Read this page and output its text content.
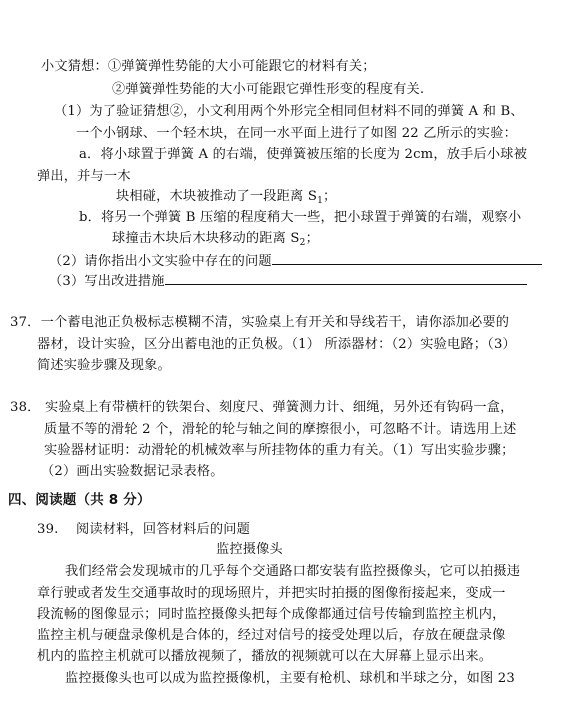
小文猜想：①弹簧弹性势能的大小可能跟它的材料有关；
②弹簧弹性势能的大小可能跟它弹性形变的程度有关.
（1）为了验证猜想②，小文利用两个外形完全相同但材料不同的弹簧 A 和 B、
一个小钢球、一个轻木块，在同一水平面上进行了如图 22 乙所示的实验：
a．将小球置于弹簧 A 的右端，使弹簧被压缩的长度为 2cm，放手后小球被
弹出，并与一木
块相碰，木块被推动了一段距离 $S_1$；
b．将另一个弹簧 B 压缩的程度稍大一些，把小球置于弹簧的右端，观察小
球撞击木块后木块移动的距离 $S_2$；
（2）请你指出小文实验中存在的问题
（3）写出改进措施
37．一个蓄电池正负极标志模糊不清，实验桌上有开关和导线若干，请你添加必要的
器材，设计实验，区分出蓄电池的正负极。（1） 所添器材：（2）实验电路；（3）
简述实验步骤及现象。
38． 实验桌上有带横杆的铁架台、刻度尺、弹簧测力计、细绳，另外还有钩码一盒，
质量不等的滑轮 2 个，滑轮的轮与轴之间的摩擦很小，可忽略不计。请选用上述
实验器材证明：动滑轮的机械效率与所挂物体的重力有关。（1）写出实验步骤；
（2）画出实验数据记录表格。
四、阅读题（共 8 分）
39. 阅读材料，回答材料后的问题
监控摄像头
我们经常会发现城市的几乎每个交通路口都安装有监控摄像头，它可以拍摄违
章行驶或者发生交通事故时的现场照片，并把实时拍摄的图像衔接起来，变成一
段流畅的图像显示；同时监控摄像头把每个成像都通过信号传输到监控主机内，
监控主机与硬盘录像机是合体的，经过对信号的接受处理以后，存放在硬盘录像
机内的监控主机就可以播放视频了，播放的视频就可以在大屏幕上显示出来。
监控摄像头也可以成为监控摄像机，主要有枪机、球机和半球之分，如图 23
